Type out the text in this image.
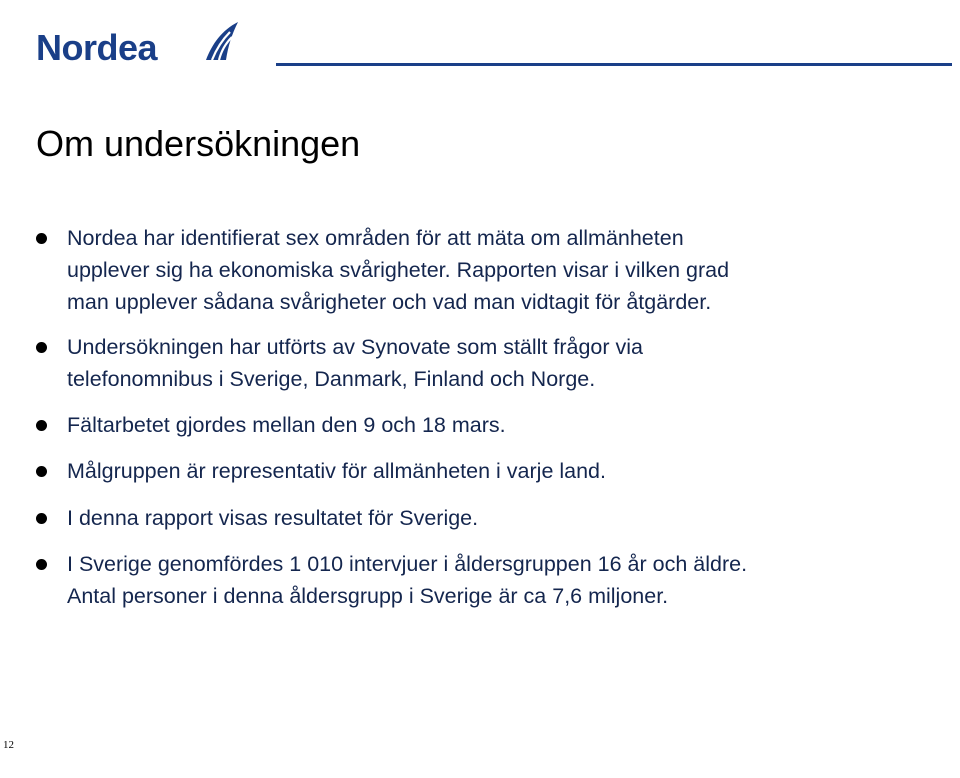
Nordea
Om undersökningen
Nordea har identifierat sex områden för att mäta om allmänheten
upplever sig ha ekonomiska svårigheter. Rapporten visar i vilken grad
man upplever sådana svårigheter och vad man vidtagit för åtgärder.
Undersökningen har utförts av Synovate som ställt frågor via
telefonomnibus i Sverige, Danmark, Finland och Norge.
Fältarbetet gjordes mellan den 9 och 18 mars.
Målgruppen är representativ för allmänheten i varje land.
I denna rapport visas resultatet för Sverige.
I Sverige genomfördes 1 010 intervjuer i åldersgruppen 16 år och äldre.
Antal personer i denna åldersgrupp i Sverige är ca 7,6 miljoner.
12
